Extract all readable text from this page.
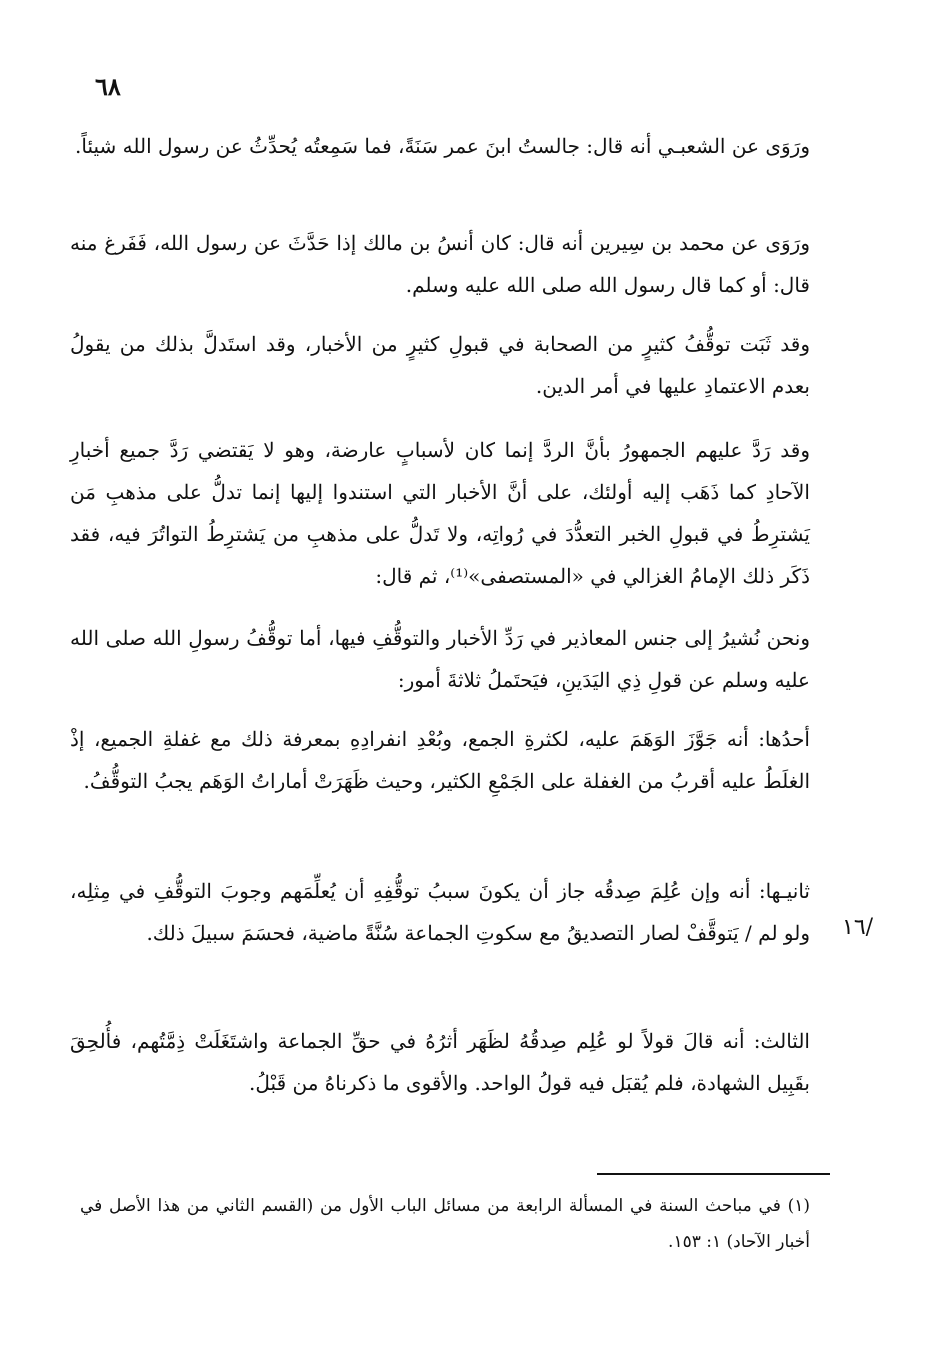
٦٨
ورَوَى عن الشعبـي أنه قال: جالستُ ابنَ عمر سَنَةً، فما سَمِعتُه يُحدِّثُ عن رسول الله شيئاً.
ورَوَى عن محمد بن سِيرين أنه قال: كان أنسُ بن مالك إذا حَدَّثَ عن رسول الله، فَفَرغ منه قال: أو كما قال رسول الله صلى الله عليه وسلم.
وقد ثَبَت توقُّفُ كثيرٍ من الصحابة في قبولِ كثيرٍ من الأخبار، وقد استَدلَّ بذلك من يقولُ بعدم الاعتمادِ عليها في أمر الدين.
وقد رَدَّ عليهم الجمهورُ بأنَّ الردَّ إنما كان لأسبابٍ عارضة، وهو لا يَقتضي رَدَّ جميع أخبارِ الآحادِ كما ذَهَب إليه أولئك، على أنَّ الأخبار التي استندوا إليها إنما تدلُّ على مذهبِ مَن يَشترِطُ في قبولِ الخبر التعدُّدَ في رُواتِه، ولا تَدلُّ على مذهبِ من يَشترِطُ التواتُرَ فيه، فقد ذَكَر ذلك الإمامُ الغزالي في «المستصفى»⁽¹⁾، ثم قال:
ونحن نُشيرُ إلى جنس المعاذير في رَدِّ الأخبار والتوقُّفِ فيها، أما توقُّفُ رسولِ الله صلى الله عليه وسلم عن قولِ ذِي اليَدَينِ، فيَحتَملُ ثلاثةَ أمور:
أحدُها: أنه جَوَّزَ الوَهَمَ عليه، لكثرةِ الجمع، وبُعْدِ انفرادِهِ بمعرفة ذلك مع غفلةِ الجميع، إذْ الغلَطُ عليه أقربُ من الغفلة على الجَمْعِ الكثير، وحيث ظَهَرَتْ أماراتُ الوَهَم يجبُ التوقُّفُ.
ثانيـها: أنه وإن عُلِمَ صِدقُه جاز أن يكونَ سببُ توقُّفِهِ أن يُعلِّمَهم وجوبَ التوقُّفِ في مِثلِه، ولو لم / يَتوقَّفْ لصار التصديقُ مع سكوتِ الجماعة سُنَّةً ماضية، فحسَمَ سبيلَ ذلك.
الثالث: أنه قالَ قولاً لو عُلِم صِدقُهُ لظَهَر أثرُهُ في حقِّ الجماعة واشتَغَلَتْ ذِمَّتُهم، فأُلحِقَ بقَبِيل الشهادة، فلم يُقبَل فيه قولُ الواحد. والأقوى ما ذكرناهُ من قَبْلُ.
/١٦
(١) في مباحث السنة في المسألة الرابعة من مسائل الباب الأول من (القسم الثاني من هذا الأصل في أخبار الآحاد) ١: ١٥٣.
